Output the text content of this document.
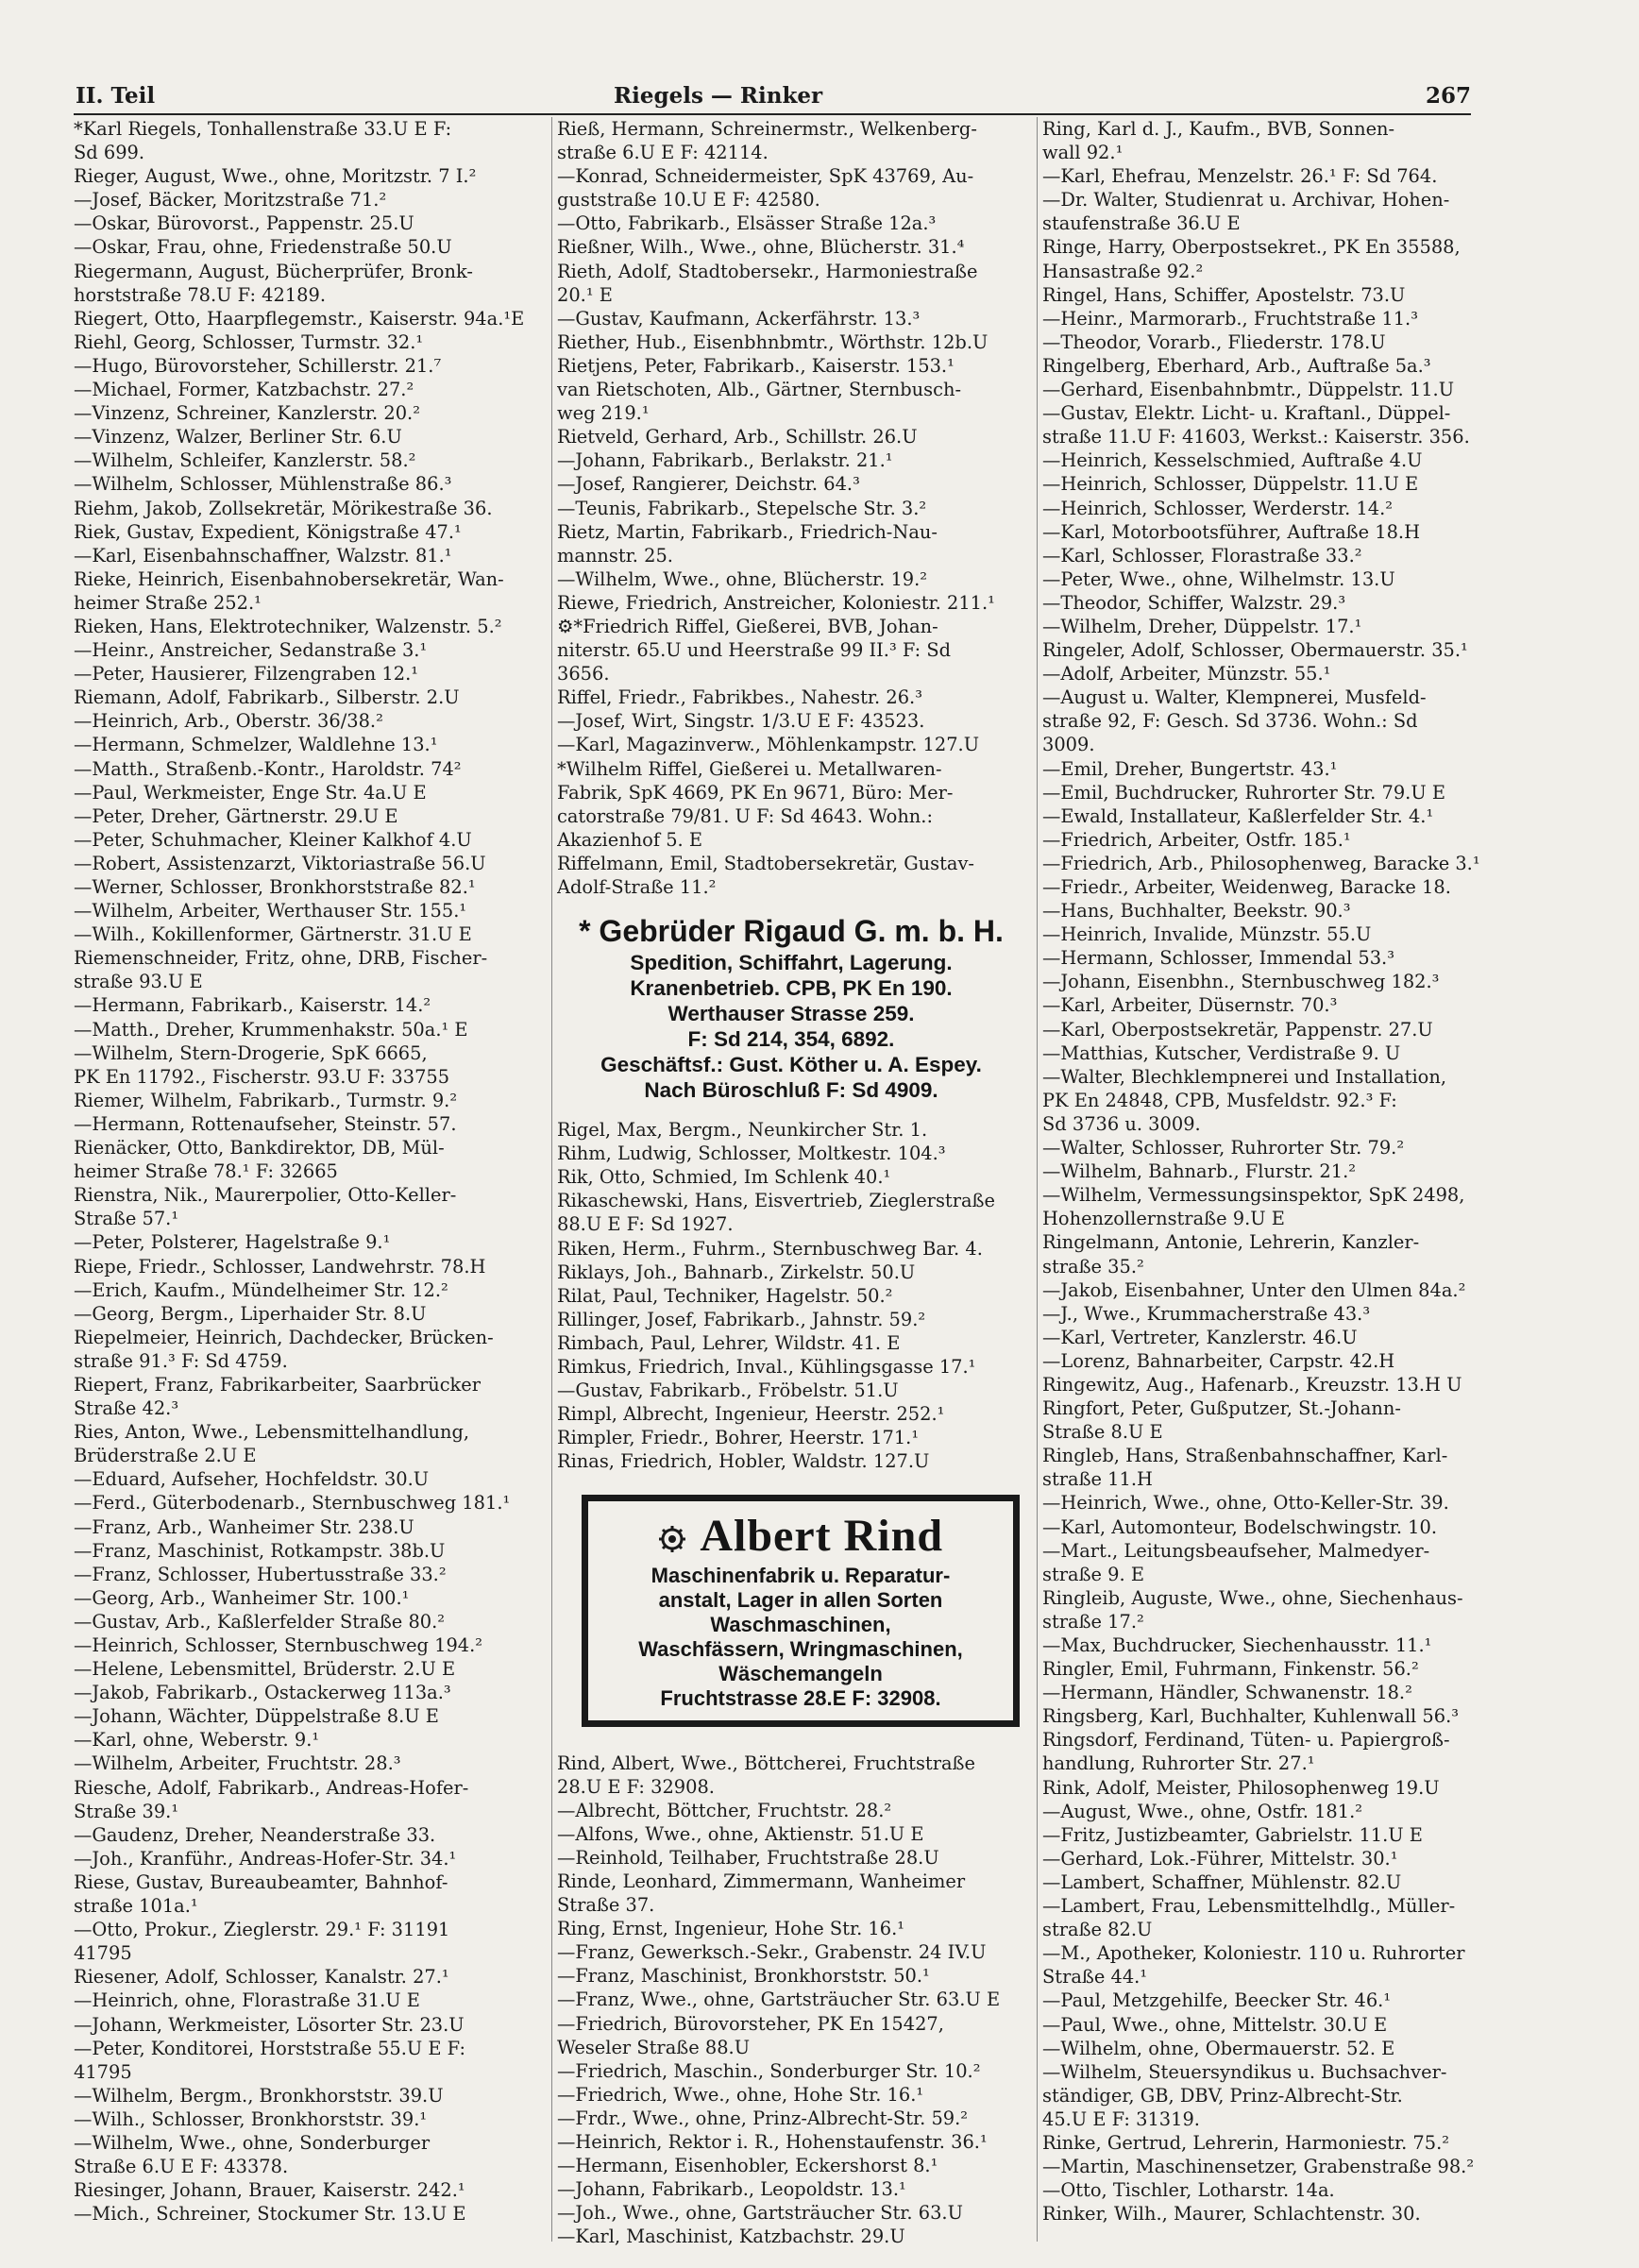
II. Teil	Riegels — Rinker	267
*Karl Riegels, Tonhallenstraße 33.U E F:
Sd 699.
Rieger, August, Wwe., ohne, Moritzstr. 7 I.²
—Josef, Bäcker, Moritzstraße 71.²
—Oskar, Bürovorst., Pappenstr. 25.U
—Oskar, Frau, ohne, Friedenstraße 50.U
Riegermann, August, Bücherprüfer, Bronk-
horststraße 78.U F: 42189.
Riegert, Otto, Haarpflegemstr., Kaiserstr. 94a.¹E
Riehl, Georg, Schlosser, Turmstr. 32.¹
—Hugo, Bürovorsteher, Schillerstr. 21.⁷
—Michael, Former, Katzbachstr. 27.²
—Vinzenz, Schreiner, Kanzlerstr. 20.²
—Vinzenz, Walzer, Berliner Str. 6.U
—Wilhelm, Schleifer, Kanzlerstr. 58.²
—Wilhelm, Schlosser, Mühlenstraße 86.³
Riehm, Jakob, Zollsekretär, Mörikestraße 36.
Riek, Gustav, Expedient, Königstraße 47.¹
—Karl, Eisenbahnschaffner, Walzstr. 81.¹
Rieke, Heinrich, Eisenbahnobersekretär, Wan-
heimer Straße 252.¹
Rieken, Hans, Elektrotechniker, Walzenstr. 5.²
—Heinr., Anstreicher, Sedanstraße 3.¹
—Peter, Hausierer, Filzengraben 12.¹
Riemann, Adolf, Fabrikarb., Silberstr. 2.U
—Heinrich, Arb., Oberstr. 36/38.²
—Hermann, Schmelzer, Waldlehne 13.¹
—Matth., Straßenb.-Kontr., Haroldstr. 74²
—Paul, Werkmeister, Enge Str. 4a.U E
—Peter, Dreher, Gärtnerstr. 29.U E
—Peter, Schuhmacher, Kleiner Kalkhof 4.U
—Robert, Assistenzarzt, Viktoriastraße 56.U
—Werner, Schlosser, Bronkhorststraße 82.¹
—Wilhelm, Arbeiter, Werthauser Str. 155.¹
—Wilh., Kokillenformer, Gärtnerstr. 31.U E
Riemenschneider, Fritz, ohne, DRB, Fischer-
straße 93.U E
—Hermann, Fabrikarb., Kaiserstr. 14.²
—Matth., Dreher, Krummenhakstr. 50a.¹ E
—Wilhelm, Stern-Drogerie, SpK 6665,
PK En 11792., Fischerstr. 93.U F: 33755
Riemer, Wilhelm, Fabrikarb., Turmstr. 9.²
—Hermann, Rottenaufseher, Steinstr. 57.
Rienäcker, Otto, Bankdirektor, DB, Mül-
heimer Straße 78.¹ F: 32665
Rienstra, Nik., Maurerpolier, Otto-Keller-
Straße 57.¹
—Peter, Polsterer, Hagelstraße 9.¹
Riepe, Friedr., Schlosser, Landwehrstr. 78.H
—Erich, Kaufm., Mündelheimer Str. 12.²
—Georg, Bergm., Liperhaider Str. 8.U
Riepelmeier, Heinrich, Dachdecker, Brücken-
straße 91.³ F: Sd 4759.
Riepert, Franz, Fabrikarbeiter, Saarbrücker
Straße 42.³
Ries, Anton, Wwe., Lebensmittelhandlung,
Brüderstraße 2.U E
—Eduard, Aufseher, Hochfeldstr. 30.U
—Ferd., Güterbodenarb., Sternbuschweg 181.¹
—Franz, Arb., Wanheimer Str. 238.U
—Franz, Maschinist, Rotkampstr. 38b.U
—Franz, Schlosser, Hubertusstraße 33.²
—Georg, Arb., Wanheimer Str. 100.¹
—Gustav, Arb., Kaßlerfelder Straße 80.²
—Heinrich, Schlosser, Sternbuschweg 194.²
—Helene, Lebensmittel, Brüderstr. 2.U E
—Jakob, Fabrikarb., Ostackerweg 113a.³
—Johann, Wächter, Düppelstraße 8.U E
—Karl, ohne, Weberstr. 9.¹
—Wilhelm, Arbeiter, Fruchtstr. 28.³
Riesche, Adolf, Fabrikarb., Andreas-Hofer-
Straße 39.¹
—Gaudenz, Dreher, Neanderstraße 33.
—Joh., Kranführ., Andreas-Hofer-Str. 34.¹
Riese, Gustav, Bureaubeamter, Bahnhof-
straße 101a.¹
—Otto, Prokur., Zieglerstr. 29.¹ F: 31191
41795
Riesener, Adolf, Schlosser, Kanalstr. 27.¹
—Heinrich, ohne, Florastraße 31.U E
—Johann, Werkmeister, Lösorter Str. 23.U
—Peter, Konditorei, Horststraße 55.U E F:
41795
—Wilhelm, Bergm., Bronkhorststr. 39.U
—Wilh., Schlosser, Bronkhorststr. 39.¹
—Wilhelm, Wwe., ohne, Sonderburger
Straße 6.U E F: 43378.
Riesinger, Johann, Brauer, Kaiserstr. 242.¹
—Mich., Schreiner, Stockumer Str. 13.U E
Rieß, Hermann, Schreinermstr., Welkenberg-
straße 6.U E F: 42114.
—Konrad, Schneidermeister, SpK 43769, Au-
guststraße 10.U E F: 42580.
—Otto, Fabrikarb., Elsässer Straße 12a.³
Rießner, Wilh., Wwe., ohne, Blücherstr. 31.⁴
Rieth, Adolf, Stadtobersekr., Harmoniestraße
20.¹ E
—Gustav, Kaufmann, Ackerfährstr. 13.³
Riether, Hub., Eisenbhnbmtr., Wörthstr. 12b.U
Rietjens, Peter, Fabrikarb., Kaiserstr. 153.¹
van Rietschoten, Alb., Gärtner, Sternbusch-
weg 219.¹
Rietveld, Gerhard, Arb., Schillstr. 26.U
—Johann, Fabrikarb., Berlakstr. 21.¹
—Josef, Rangierer, Deichstr. 64.³
—Teunis, Fabrikarb., Stepelsche Str. 3.²
Rietz, Martin, Fabrikarb., Friedrich-Nau-
mannstr. 25.
—Wilhelm, Wwe., ohne, Blücherstr. 19.²
Riewe, Friedrich, Anstreicher, Koloniestr. 211.¹
⚙*Friedrich Riffel, Gießerei, BVB, Johan-
niterstr. 65.U und Heerstraße 99 II.³ F: Sd
3656.
Riffel, Friedr., Fabrikbes., Nahestr. 26.³
—Josef, Wirt, Singstr. 1/3.U E F: 43523.
—Karl, Magazinverw., Möhlenkampstr. 127.U
*Wilhelm Riffel, Gießerei u. Metallwaren-
Fabrik, SpK 4669, PK En 9671, Büro: Mer-
catorstraße 79/81. U F: Sd 4643. Wohn.:
Akazienhof 5. E
Riffelmann, Emil, Stadtobersekretär, Gustav-
Adolf-Straße 11.²
* Gebrüder Rigaud G. m. b. H.
Spedition, Schiffahrt, Lagerung.
Kranenbetrieb. CPB, PK En 190.
Werthauser Strasse 259.
F: Sd 214, 354, 6892.
Geschäftsf.: Gust. Köther u. A. Espey.
Nach Büroschluß F: Sd 4909.
Rigel, Max, Bergm., Neunkircher Str. 1.
Rihm, Ludwig, Schlosser, Moltkestr. 104.³
Rik, Otto, Schmied, Im Schlenk 40.¹
Rikaschewski, Hans, Eisvertrieb, Zieglerstraße
88.U E F: Sd 1927.
Riken, Herm., Fuhrm., Sternbuschweg Bar. 4.
Riklays, Joh., Bahnarb., Zirkelstr. 50.U
Rilat, Paul, Techniker, Hagelstr. 50.²
Rillinger, Josef, Fabrikarb., Jahnstr. 59.²
Rimbach, Paul, Lehrer, Wildstr. 41. E
Rimkus, Friedrich, Inval., Kühlingsgasse 17.¹
—Gustav, Fabrikarb., Fröbelstr. 51.U
Rimpl, Albrecht, Ingenieur, Heerstr. 252.¹
Rimpler, Friedr., Bohrer, Heerstr. 171.¹
Rinas, Friedrich, Hobler, Waldstr. 127.U
Albert Rind
Maschinenfabrik u. Reparatur-
anstalt, Lager in allen Sorten
Waschmaschinen,
Waschfässern, Wringmaschinen,
Wäschemangeln
Fruchtstrasse 28.E F: 32908.
Rind, Albert, Wwe., Böttcherei, Fruchtstraße
28.U E F: 32908.
—Albrecht, Böttcher, Fruchtstr. 28.²
—Alfons, Wwe., ohne, Aktienstr. 51.U E
—Reinhold, Teilhaber, Fruchtstraße 28.U
Rinde, Leonhard, Zimmermann, Wanheimer
Straße 37.
Ring, Ernst, Ingenieur, Hohe Str. 16.¹
—Franz, Gewerksch.-Sekr., Grabenstr. 24 IV.U
—Franz, Maschinist, Bronkhorststr. 50.¹
—Franz, Wwe., ohne, Gartsträucher Str. 63.U E
—Friedrich, Bürovorsteher, PK En 15427,
Weseler Straße 88.U
—Friedrich, Maschin., Sonderburger Str. 10.²
—Friedrich, Wwe., ohne, Hohe Str. 16.¹
—Frdr., Wwe., ohne, Prinz-Albrecht-Str. 59.²
—Heinrich, Rektor i. R., Hohenstaufenstr. 36.¹
—Hermann, Eisenhobler, Eckershorst 8.¹
—Johann, Fabrikarb., Leopoldstr. 13.¹
—Joh., Wwe., ohne, Gartsträucher Str. 63.U
—Karl, Maschinist, Katzbachstr. 29.U
Ring, Karl d. J., Kaufm., BVB, Sonnen-
wall 92.¹
—Karl, Ehefrau, Menzelstr. 26.¹ F: Sd 764.
—Dr. Walter, Studienrat u. Archivar, Hohen-
staufenstraße 36.U E
Ringe, Harry, Oberpostsekret., PK En 35588,
Hansastraße 92.²
Ringel, Hans, Schiffer, Apostelstr. 73.U
—Heinr., Marmorarb., Fruchtstraße 11.³
—Theodor, Vorarb., Fliederstr. 178.U
Ringelberg, Eberhard, Arb., Auftraße 5a.³
—Gerhard, Eisenbahnbmtr., Düppelstr. 11.U
—Gustav, Elektr. Licht- u. Kraftanl., Düppel-
straße 11.U F: 41603, Werkst.: Kaiserstr. 356.
—Heinrich, Kesselschmied, Auftraße 4.U
—Heinrich, Schlosser, Düppelstr. 11.U E
—Heinrich, Schlosser, Werderstr. 14.²
—Karl, Motorbootsführer, Auftraße 18.H
—Karl, Schlosser, Florastraße 33.²
—Peter, Wwe., ohne, Wilhelmstr. 13.U
—Theodor, Schiffer, Walzstr. 29.³
—Wilhelm, Dreher, Düppelstr. 17.¹
Ringeler, Adolf, Schlosser, Obermauerstr. 35.¹
—Adolf, Arbeiter, Münzstr. 55.¹
—August u. Walter, Klempnerei, Musfeld-
straße 92, F: Gesch. Sd 3736. Wohn.: Sd
3009.
—Emil, Dreher, Bungertstr. 43.¹
—Emil, Buchdrucker, Ruhrorter Str. 79.U E
—Ewald, Installateur, Kaßlerfelder Str. 4.¹
—Friedrich, Arbeiter, Ostfr. 185.¹
—Friedrich, Arb., Philosophenweg, Baracke 3.¹
—Friedr., Arbeiter, Weidenweg, Baracke 18.
—Hans, Buchhalter, Beekstr. 90.³
—Heinrich, Invalide, Münzstr. 55.U
—Hermann, Schlosser, Immendal 53.³
—Johann, Eisenbhn., Sternbuschweg 182.³
—Karl, Arbeiter, Düsernstr. 70.³
—Karl, Oberpostsekretär, Pappenstr. 27.U
—Matthias, Kutscher, Verdistraße 9. U
—Walter, Blechklempnerei und Installation,
PK En 24848, CPB, Musfeldstr. 92.³ F:
Sd 3736 u. 3009.
—Walter, Schlosser, Ruhrorter Str. 79.²
—Wilhelm, Bahnarb., Flurstr. 21.²
—Wilhelm, Vermessungsinspektor, SpK 2498,
Hohenzollernstraße 9.U E
Ringelmann, Antonie, Lehrerin, Kanzler-
straße 35.²
—Jakob, Eisenbahner, Unter den Ulmen 84a.²
—J., Wwe., Krummacherstraße 43.³
—Karl, Vertreter, Kanzlerstr. 46.U
—Lorenz, Bahnarbeiter, Carpstr. 42.H
Ringewitz, Aug., Hafenarb., Kreuzstr. 13.H U
Ringfort, Peter, Gußputzer, St.-Johann-
Straße 8.U E
Ringleb, Hans, Straßenbahnschaffner, Karl-
straße 11.H
—Heinrich, Wwe., ohne, Otto-Keller-Str. 39.
—Karl, Automonteur, Bodelschwingstr. 10.
—Mart., Leitungsbeaufseher, Malmedyer-
straße 9. E
Ringleib, Auguste, Wwe., ohne, Siechenhaus-
straße 17.²
—Max, Buchdrucker, Siechenhausstr. 11.¹
Ringler, Emil, Fuhrmann, Finkenstr. 56.²
—Hermann, Händler, Schwanenstr. 18.²
Ringsberg, Karl, Buchhalter, Kuhlenwall 56.³
Ringsdorf, Ferdinand, Tüten- u. Papiergroß-
handlung, Ruhrorter Str. 27.¹
Rink, Adolf, Meister, Philosophenweg 19.U
—August, Wwe., ohne, Ostfr. 181.²
—Fritz, Justizbeamter, Gabrielstr. 11.U E
—Gerhard, Lok.-Führer, Mittelstr. 30.¹
—Lambert, Schaffner, Mühlenstr. 82.U
—Lambert, Frau, Lebensmittelhdlg., Müller-
straße 82.U
—M., Apotheker, Koloniestr. 110 u. Ruhrorter
Straße 44.¹
—Paul, Metzgehilfe, Beecker Str. 46.¹
—Paul, Wwe., ohne, Mittelstr. 30.U E
—Wilhelm, ohne, Obermauerstr. 52. E
—Wilhelm, Steuersyndikus u. Buchsachver-
ständiger, GB, DBV, Prinz-Albrecht-Str.
45.U E F: 31319.
Rinke, Gertrud, Lehrerin, Harmoniestr. 75.²
—Martin, Maschinensetzer, Grabenstraße 98.²
—Otto, Tischler, Lotharstr. 14a.
Rinker, Wilh., Maurer, Schlachtenstr. 30.
